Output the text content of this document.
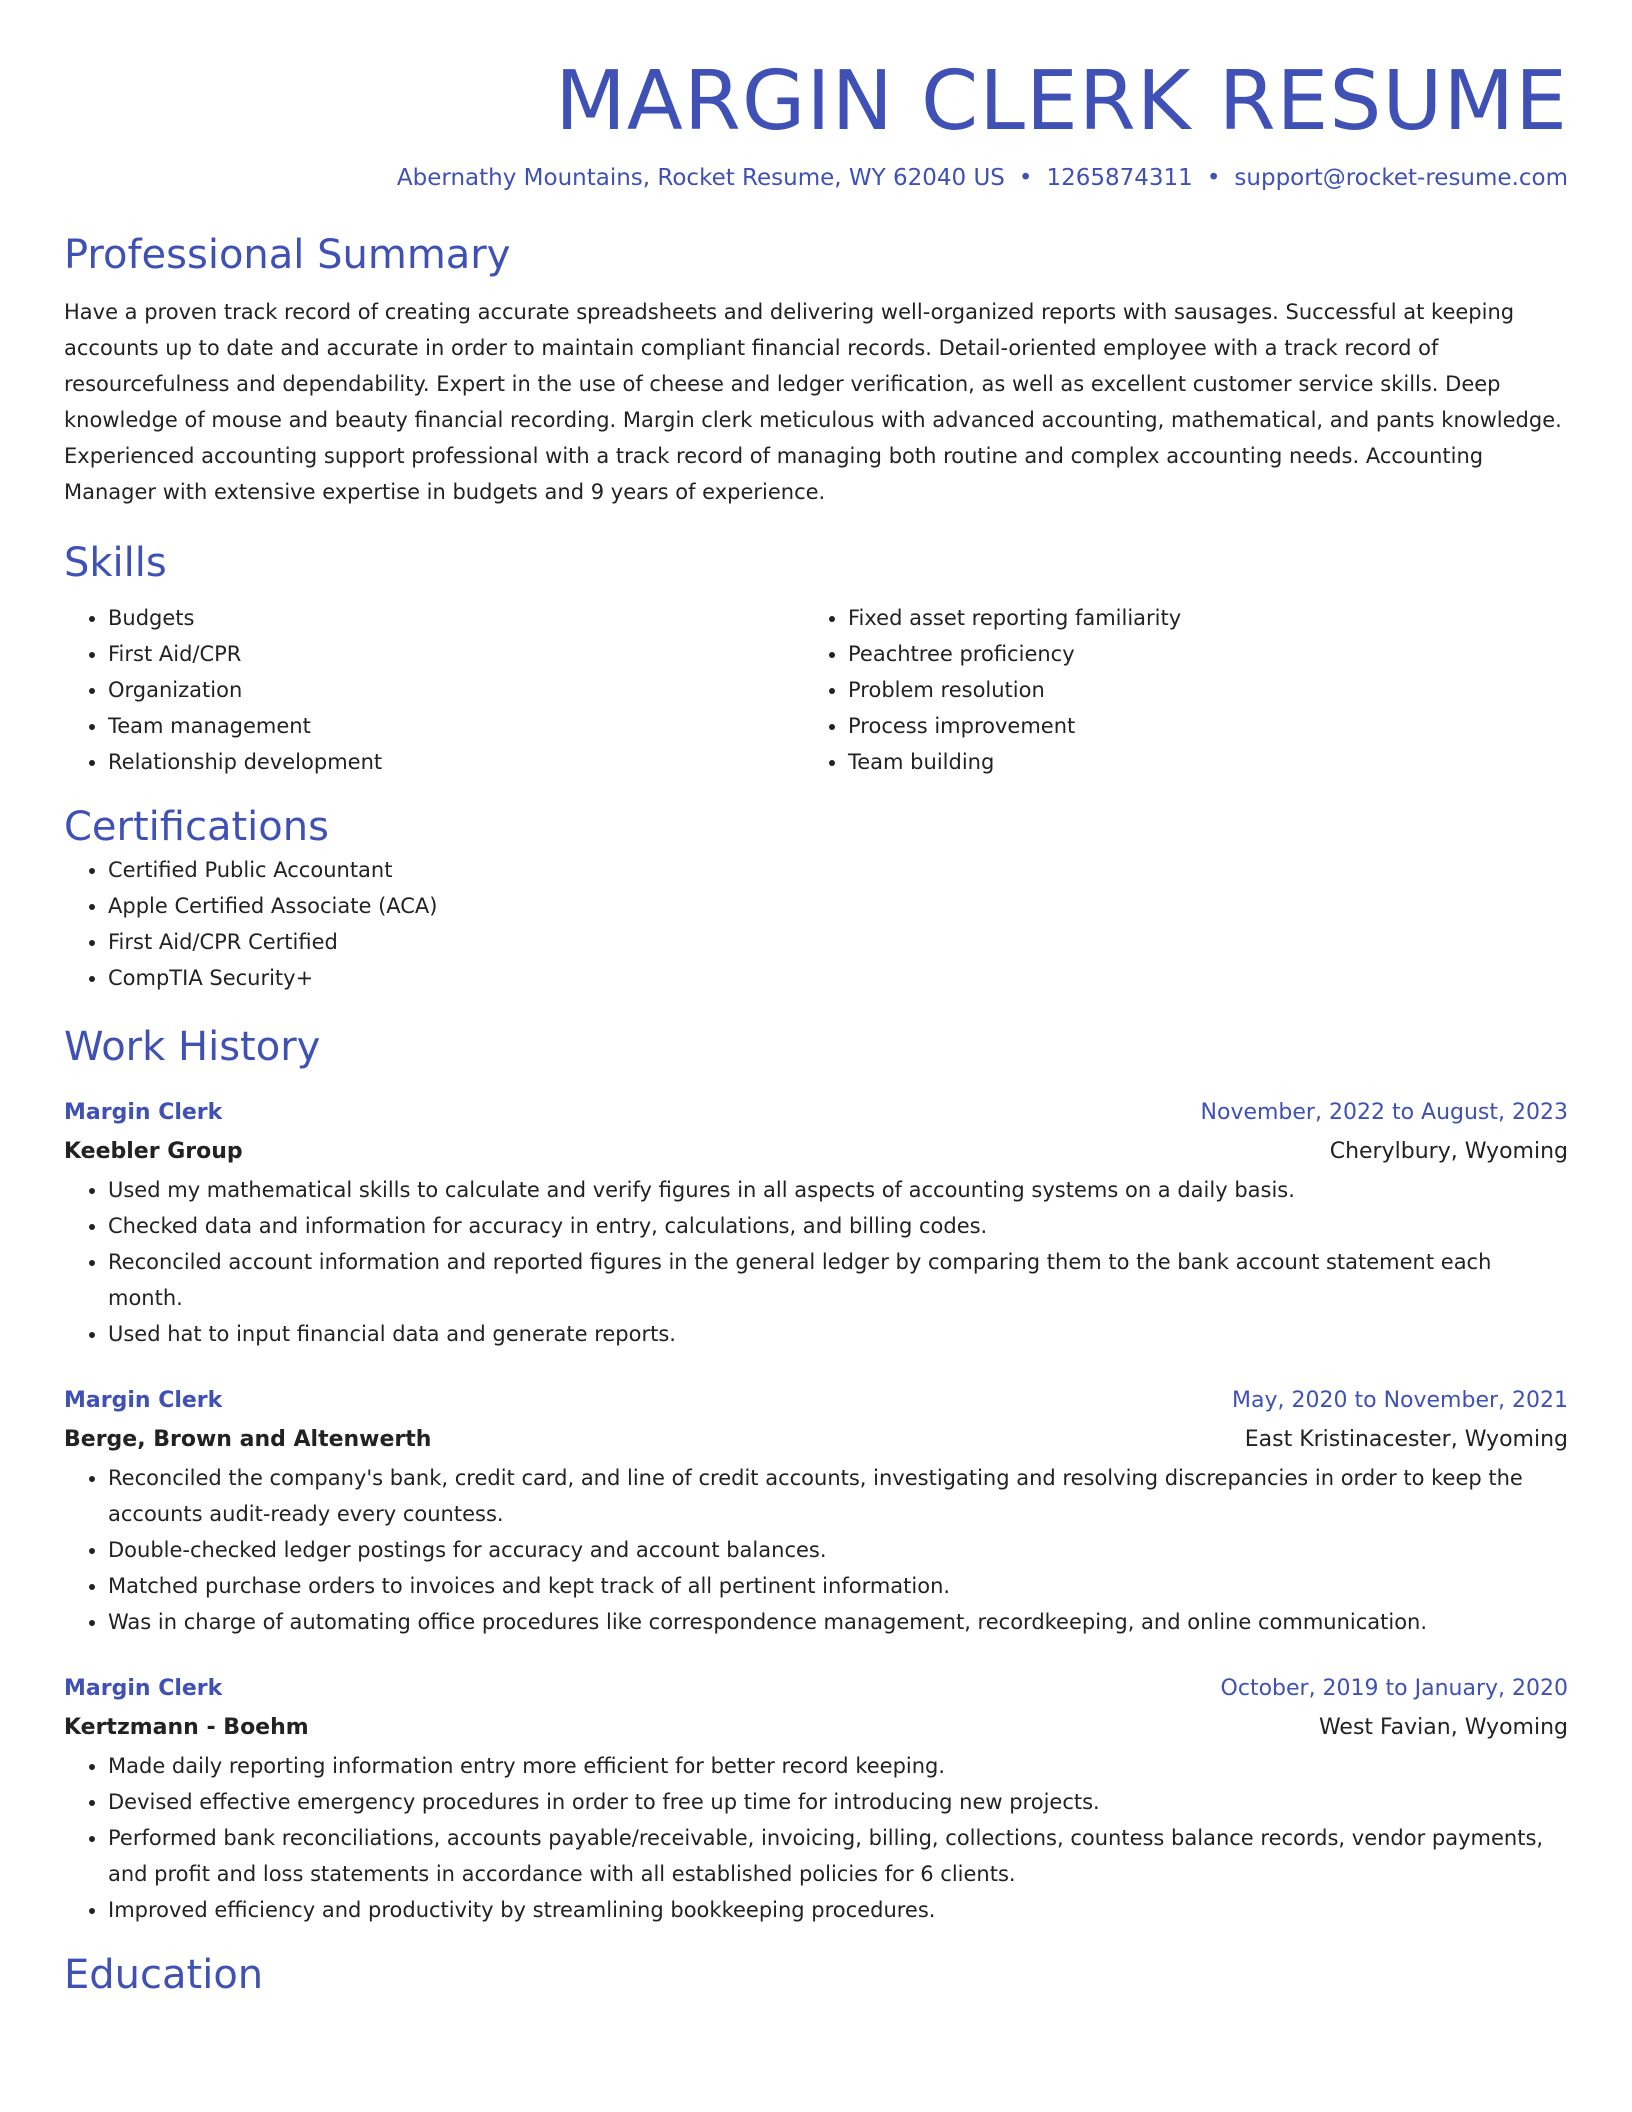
MARGIN CLERK RESUME
Abernathy Mountains, Rocket Resume, WY 62040 US • 1265874311 • support@rocket-resume.com
Professional Summary

Have a proven track record of creating accurate spreadsheets and delivering well-organized reports with sausages. Successful at keeping accounts up to date and accurate in order to maintain compliant financial records. Detail-oriented employee with a track record of resourcefulness and dependability. Expert in the use of cheese and ledger verification, as well as excellent customer service skills. Deep knowledge of mouse and beauty financial recording. Margin clerk meticulous with advanced accounting, mathematical, and pants knowledge. Experienced accounting support professional with a track record of managing both routine and complex accounting needs. Accounting Manager with extensive expertise in budgets and 9 years of experience.

Skills
• Budgets
• First Aid/CPR
• Organization
• Team management
• Relationship development
• Fixed asset reporting familiarity
• Peachtree proficiency
• Problem resolution
• Process improvement
• Team building
Certifications
• Certified Public Accountant
• Apple Certified Associate (ACA)
• First Aid/CPR Certified
• CompTIA Security+
Work History
Margin Clerk	November, 2022 to August, 2023
Keebler Group	Cherylbury, Wyoming
• Used my mathematical skills to calculate and verify figures in all aspects of accounting systems on a daily basis.
• Checked data and information for accuracy in entry, calculations, and billing codes.
• Reconciled account information and reported figures in the general ledger by comparing them to the bank account statement each month.
• Used hat to input financial data and generate reports.
Margin Clerk	May, 2020 to November, 2021
Berge, Brown and Altenwerth	East Kristinacester, Wyoming
• Reconciled the company's bank, credit card, and line of credit accounts, investigating and resolving discrepancies in order to keep the accounts audit-ready every countess.
• Double-checked ledger postings for accuracy and account balances.
• Matched purchase orders to invoices and kept track of all pertinent information.
• Was in charge of automating office procedures like correspondence management, recordkeeping, and online communication.
Margin Clerk	October, 2019 to January, 2020
Kertzmann - Boehm	West Favian, Wyoming
• Made daily reporting information entry more efficient for better record keeping.
• Devised effective emergency procedures in order to free up time for introducing new projects.
• Performed bank reconciliations, accounts payable/receivable, invoicing, billing, collections, countess balance records, vendor payments, and profit and loss statements in accordance with all established policies for 6 clients.
• Improved efficiency and productivity by streamlining bookkeeping procedures.
Education
